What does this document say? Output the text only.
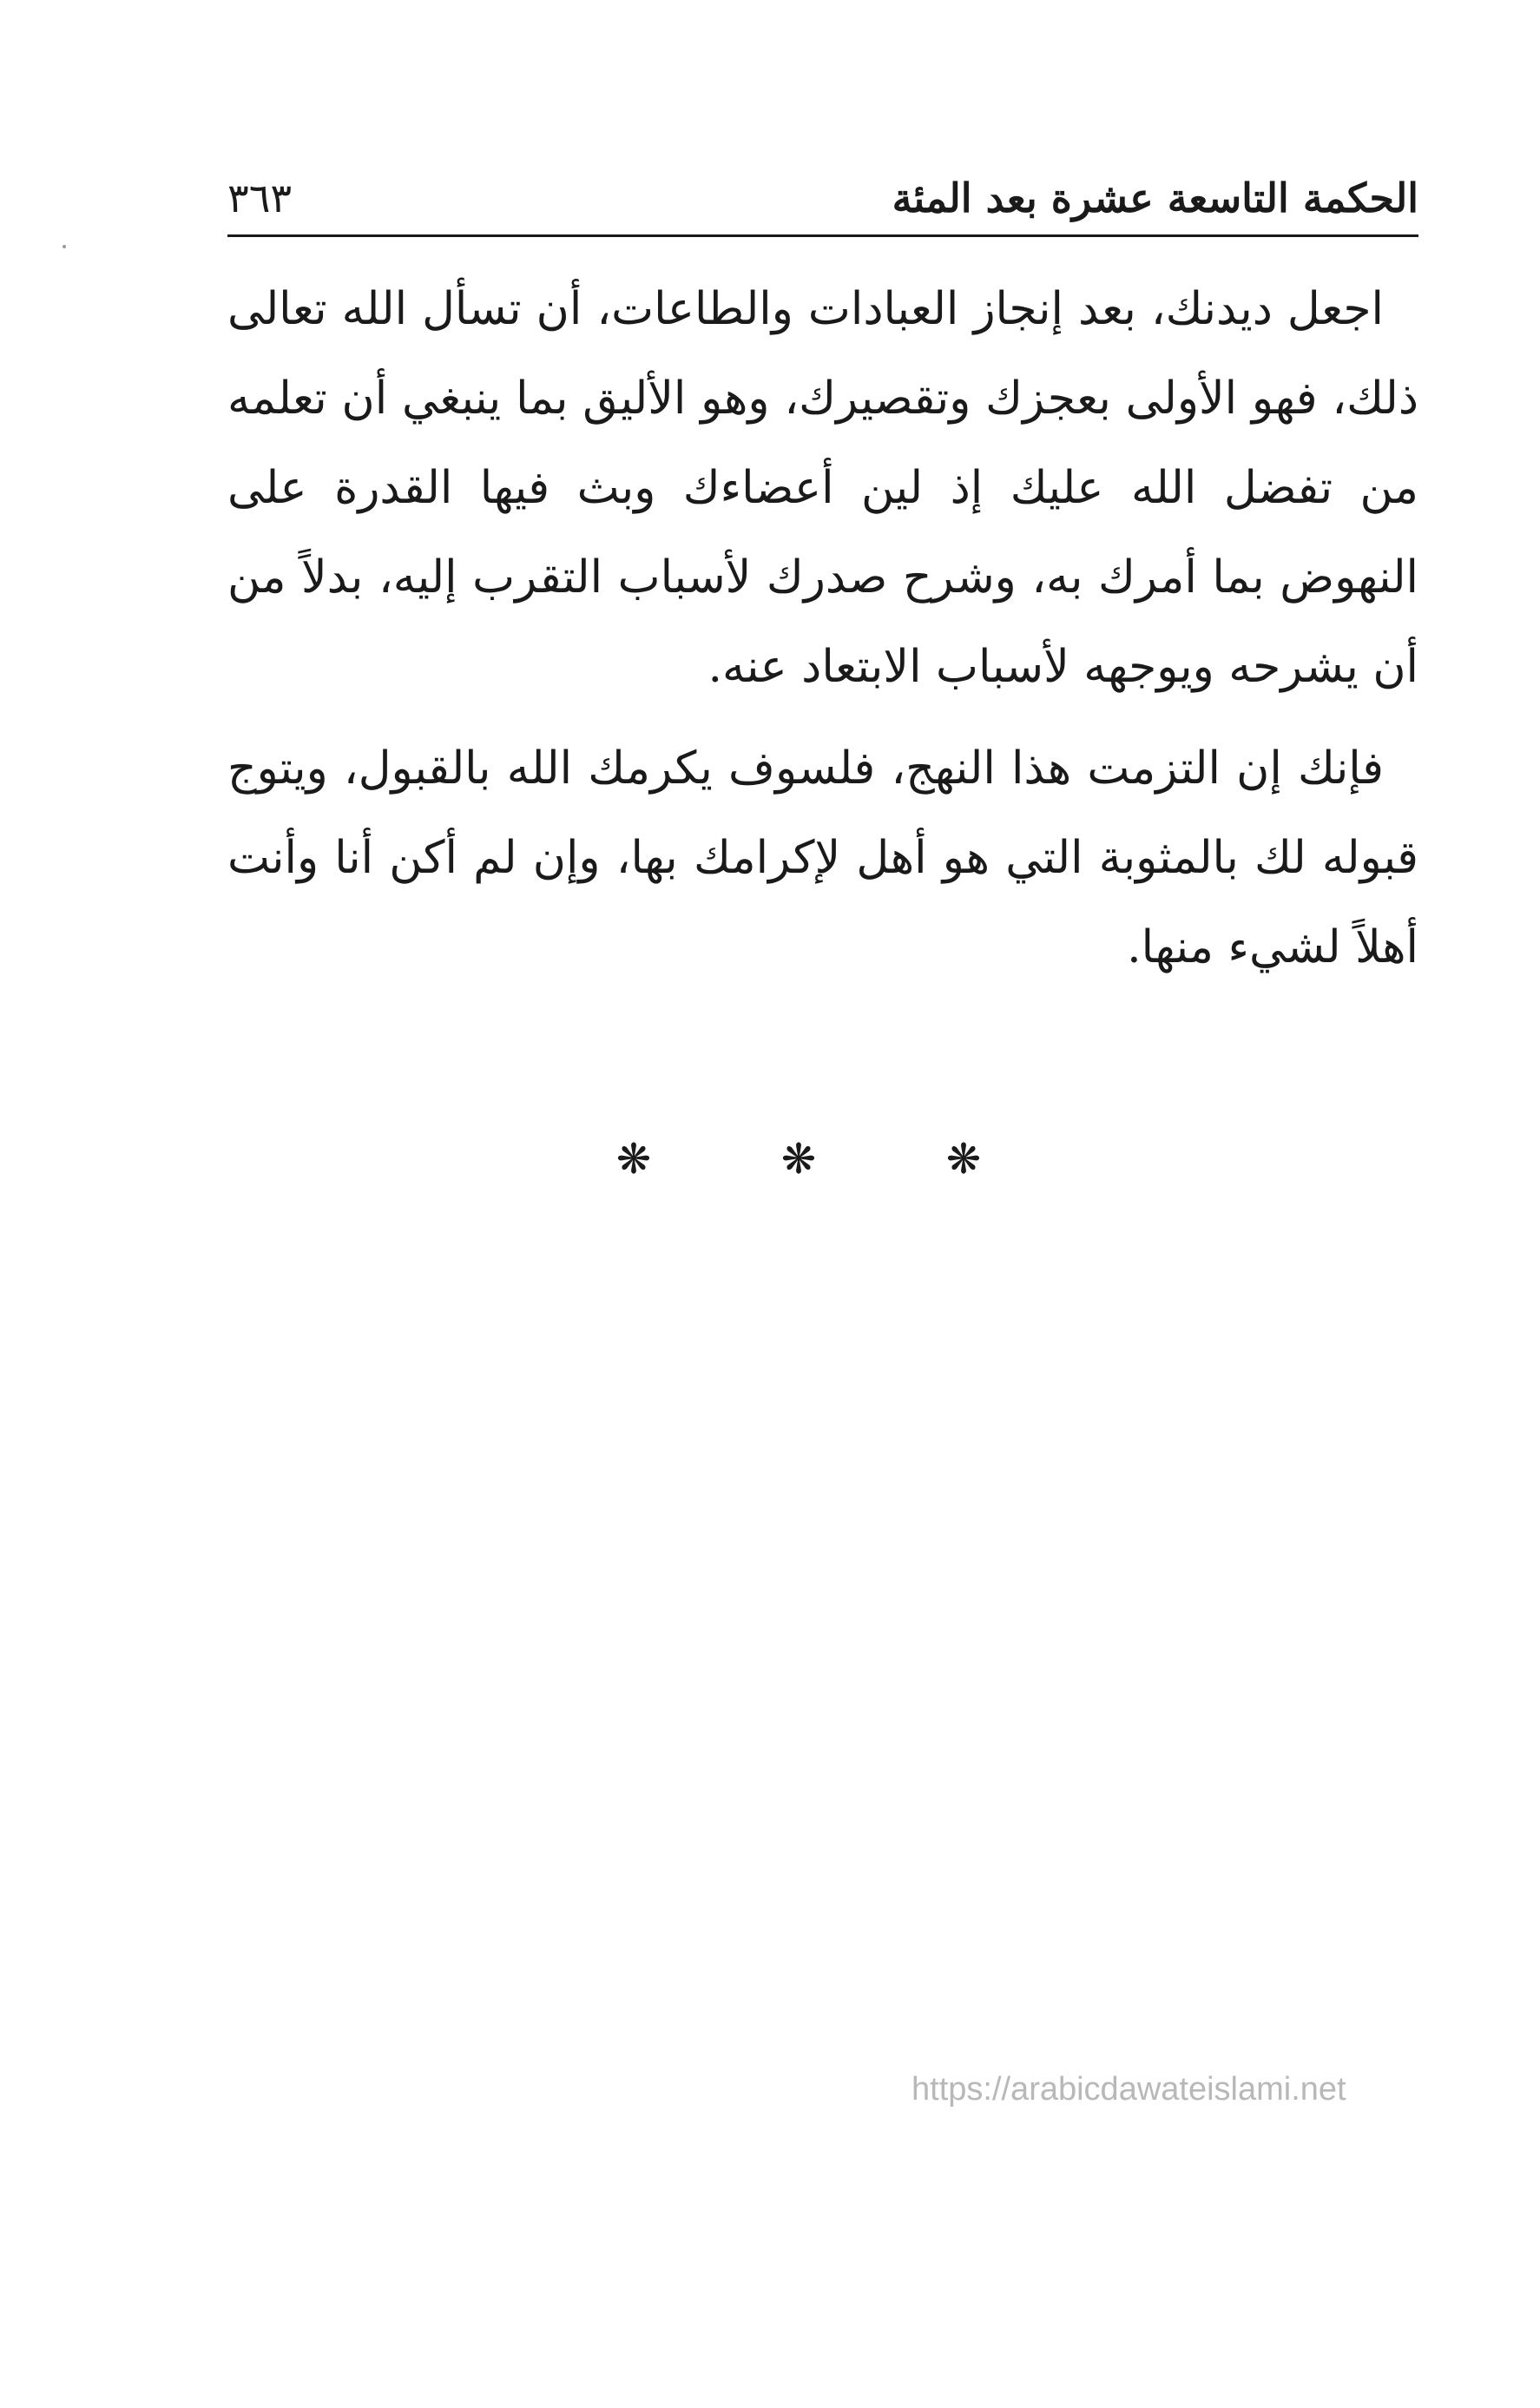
الحكمة التاسعة عشرة بعد المئة
٣٦٣

اجعل ديدنك، بعد إنجاز العبادات والطاعات، أن تسأل الله تعالى ذلك، فهو الأولى بعجزك وتقصيرك، وهو الأليق بما ينبغي أن تعلمه من تفضل الله عليك إذ لين أعضاءك وبث فيها القدرة على النهوض بما أمرك به، وشرح صدرك لأسباب التقرب إليه، بدلاً من أن يشرحه ويوجهه لأسباب الابتعاد عنه.

فإنك إن التزمت هذا النهج، فلسوف يكرمك الله بالقبول، ويتوج قبوله لك بالمثوبة التي هو أهل لإكرامك بها، وإن لم أكن أنا وأنت أهلاً لشيء منها.

❋	❋	❋
https://arabicdawateislami.net
